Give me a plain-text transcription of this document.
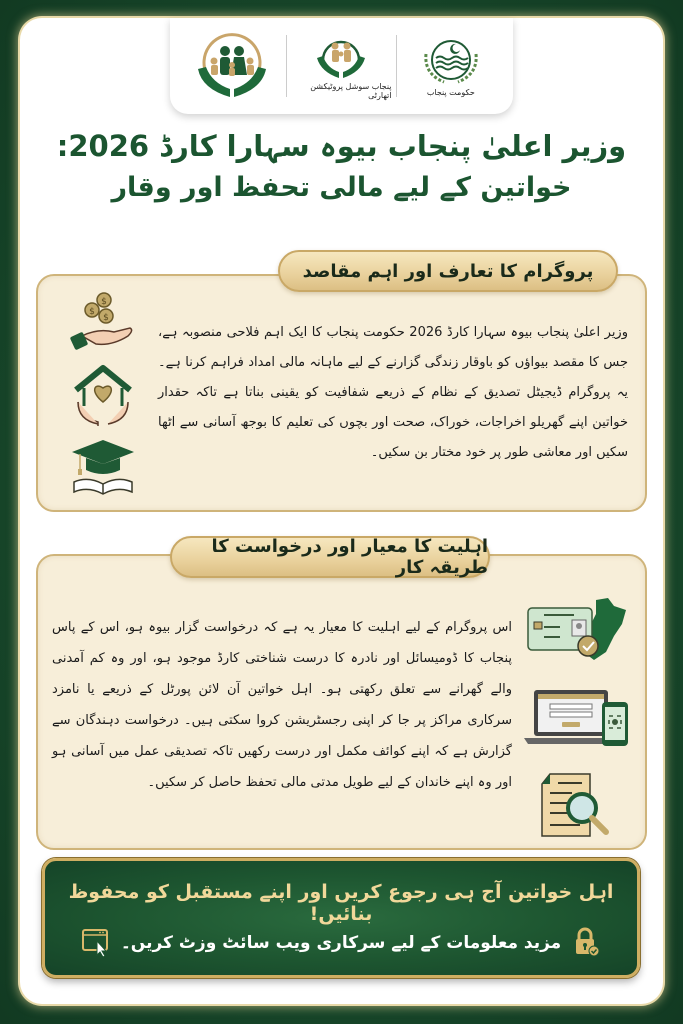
پنجاب سوشل پروٹیکشن اتھارٹی	حکومت پنجاب
وزیر اعلیٰ پنجاب بیوہ سہارا کارڈ 2026:
خواتین کے لیے مالی تحفظ اور وقار
$
$
$

وزیر اعلیٰ پنجاب بیوہ سہارا کارڈ 2026 حکومت پنجاب کا ایک اہم فلاحی منصوبہ ہے، جس کا مقصد بیواؤں کو باوقار زندگی گزارنے کے لیے ماہانہ مالی امداد فراہم کرنا ہے۔ یہ پروگرام ڈیجیٹل تصدیق کے نظام کے ذریعے شفافیت کو یقینی بناتا ہے تاکہ حقدار خواتین اپنے گھریلو اخراجات، خوراک، صحت اور بچوں کی تعلیم کا بوجھ آسانی سے اٹھا سکیں اور معاشی طور پر خود مختار بن سکیں۔

پروگرام کا تعارف اور اہم مقاصد

اس پروگرام کے لیے اہلیت کا معیار یہ ہے کہ درخواست گزار بیوہ ہو، اس کے پاس پنجاب کا ڈومیسائل اور نادرہ کا درست شناختی کارڈ موجود ہو، اور وہ کم آمدنی والے گھرانے سے تعلق رکھتی ہو۔ اہل خواتین آن لائن پورٹل کے ذریعے یا نامزد سرکاری مراکز پر جا کر اپنی رجسٹریشن کروا سکتی ہیں۔ درخواست دہندگان سے گزارش ہے کہ اپنے کوائف مکمل اور درست رکھیں تاکہ تصدیقی عمل میں آسانی ہو اور وہ اپنے خاندان کے لیے طویل مدتی مالی تحفظ حاصل کر سکیں۔

اہلیت کا معیار اور درخواست کا طریقہ کار
اہل خواتین آج ہی رجوع کریں اور اپنے مستقبل کو محفوظ بنائیں!
مزید معلومات کے لیے سرکاری ویب سائٹ وزٹ کریں۔
